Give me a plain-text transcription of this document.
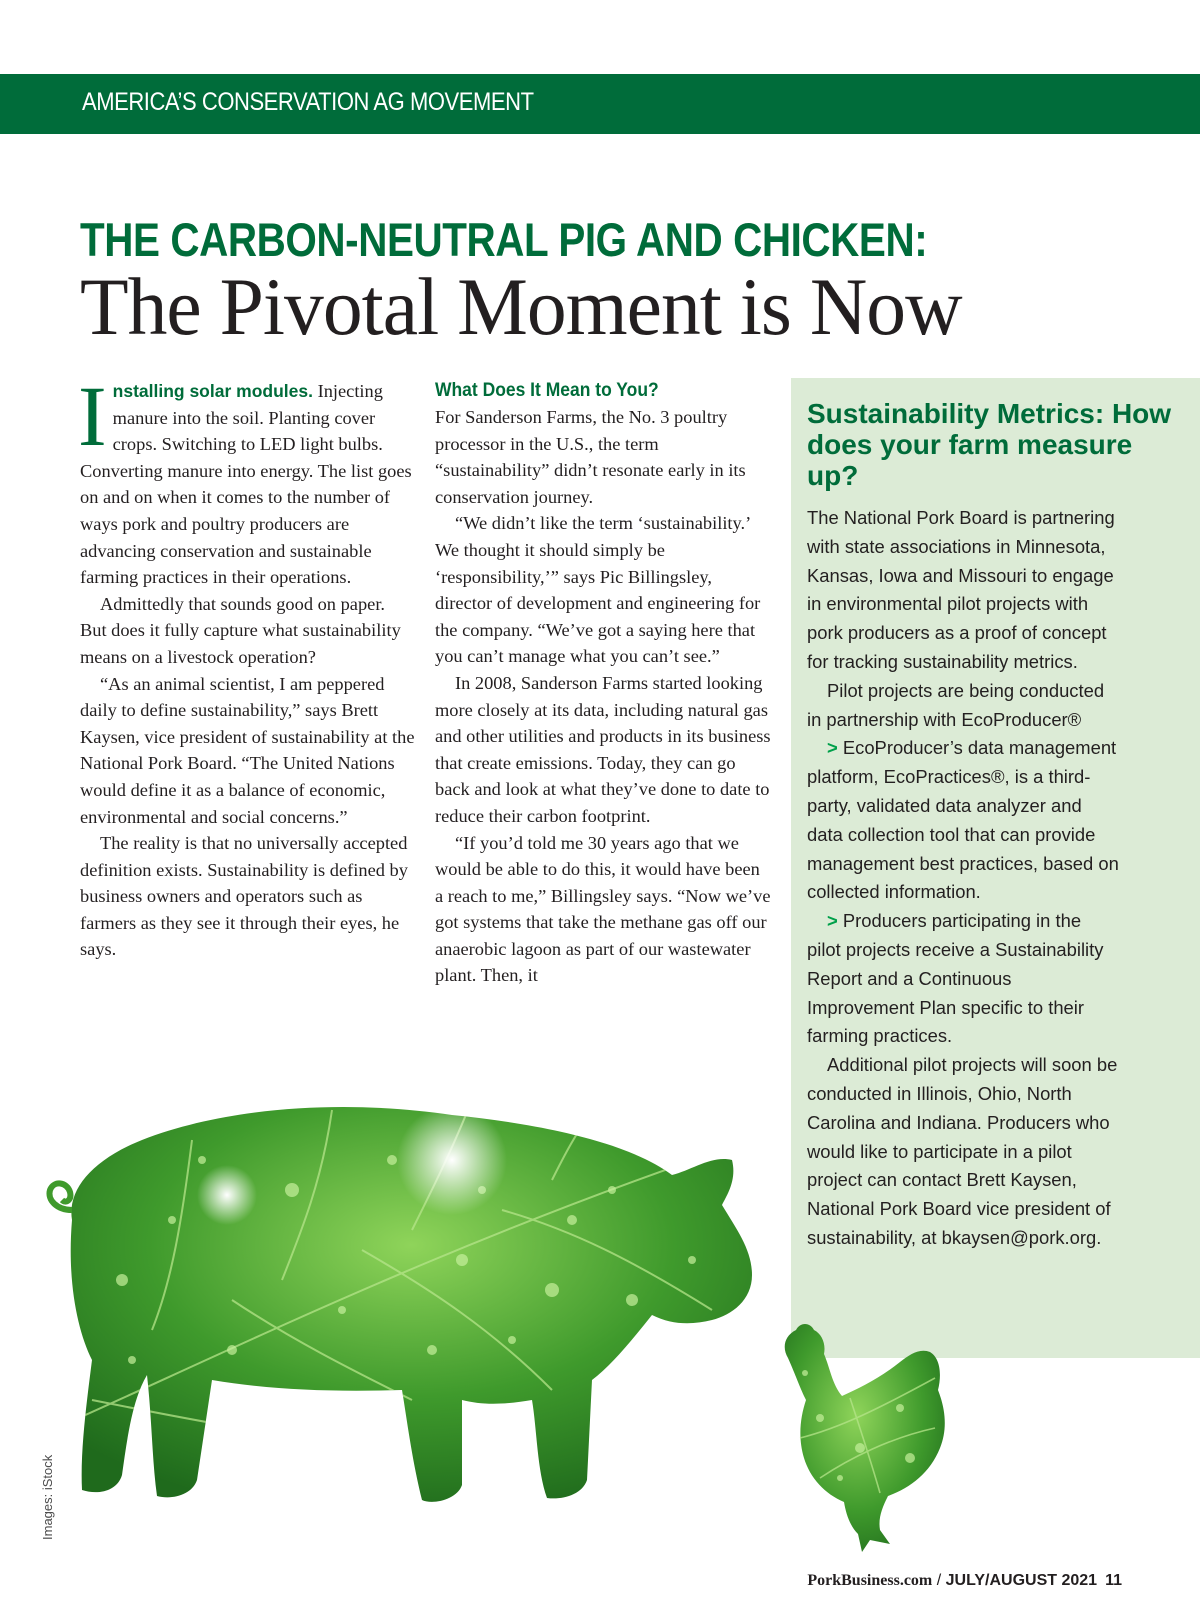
AMERICA’S CONSERVATION AG MOVEMENT
THE CARBON-NEUTRAL PIG AND CHICKEN:
The Pivotal Moment is Now

Installing solar modules. Injecting manure into the soil. Planting cover crops. Switching to LED light bulbs. Converting manure into energy. The list goes on and on when it comes to the number of ways pork and poultry producers are advancing conservation and sustainable farming practices in their operations.

Admittedly that sounds good on paper. But does it fully capture what sustainability means on a livestock operation?

“As an animal scientist, I am peppered daily to define sustainability,” says Brett Kaysen, vice president of sustainability at the National Pork Board. “The United Nations would define it as a balance of economic, environmental and social concerns.”

The reality is that no universally accepted definition exists. Sustainability is defined by business owners and operators such as farmers as they see it through their eyes, he says.

What Does It Mean to You?

For Sanderson Farms, the No. 3 poultry processor in the U.S., the term “sustainability” didn’t resonate early in its conservation journey.

“We didn’t like the term ‘sustainability.’ We thought it should simply be ‘responsibility,’” says Pic Billingsley, director of development and engineering for the company. “We’ve got a saying here that you can’t manage what you can’t see.”

In 2008, Sanderson Farms started looking more closely at its data, including natural gas and other utilities and products in its business that create emissions. Today, they can go back and look at what they’ve done to date to reduce their carbon footprint.

“If you’d told me 30 years ago that we would be able to do this, it would have been a reach to me,” Billingsley says. “Now we’ve got systems that take the methane gas off our anaerobic lagoon as part of our wastewater plant. Then, it

Sustainability Metrics: How does your farm measure up?

The National Pork Board is partnering with state associations in Minnesota, Kansas, Iowa and Missouri to engage in environmental pilot projects with pork producers as a proof of concept for tracking sustainability metrics.

Pilot projects are being conducted in partnership with EcoProducer®

> EcoProducer’s data management platform, EcoPractices®, is a third-party, validated data analyzer and data collection tool that can provide management best practices, based on collected information.

> Producers participating in the pilot projects receive a Sustainability Report and a Continuous Improvement Plan specific to their farming practices.

Additional pilot projects will soon be conducted in Illinois, Ohio, North Carolina and Indiana. Producers who would like to participate in a pilot project can contact Brett Kaysen, National Pork Board vice president of sustainability, at bkaysen@pork.org.

Images: iStock
PorkBusiness.com / JULY/AUGUST 2021 11
